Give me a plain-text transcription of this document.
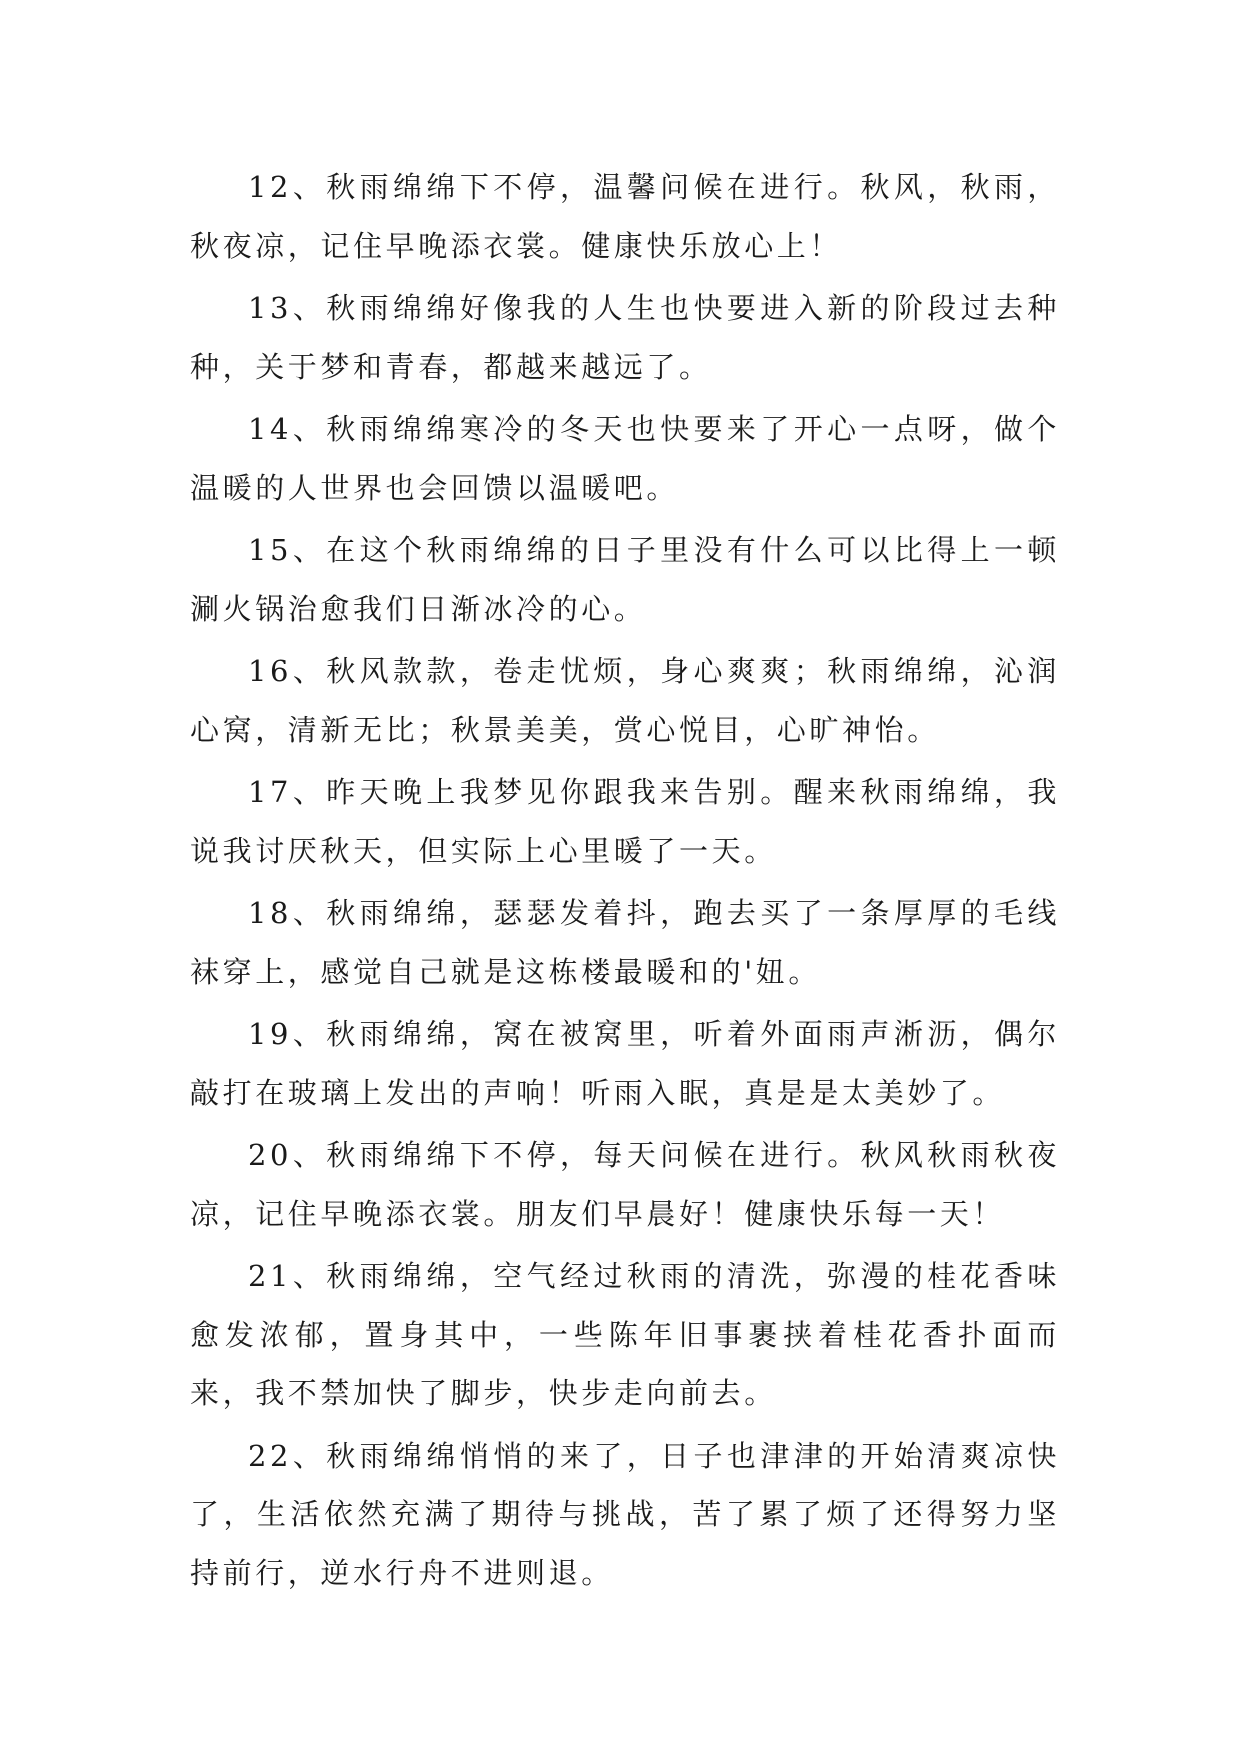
12、秋雨绵绵下不停，温馨问候在进行。秋风，秋雨，秋夜凉，记住早晚添衣裳。健康快乐放心上！

13、秋雨绵绵好像我的人生也快要进入新的阶段过去种种，关于梦和青春，都越来越远了。

14、秋雨绵绵寒冷的冬天也快要来了开心一点呀，做个温暖的人世界也会回馈以温暖吧。

15、在这个秋雨绵绵的日子里没有什么可以比得上一顿涮火锅治愈我们日渐冰冷的心。

16、秋风款款，卷走忧烦，身心爽爽；秋雨绵绵，沁润心窝，清新无比；秋景美美，赏心悦目，心旷神怡。

17、昨天晚上我梦见你跟我来告别。醒来秋雨绵绵，我说我讨厌秋天，但实际上心里暖了一天。

18、秋雨绵绵，瑟瑟发着抖，跑去买了一条厚厚的毛线袜穿上，感觉自己就是这栋楼最暖和的'妞。

19、秋雨绵绵，窝在被窝里，听着外面雨声淅沥，偶尔敲打在玻璃上发出的声响！听雨入眠，真是是太美妙了。

20、秋雨绵绵下不停，每天问候在进行。秋风秋雨秋夜凉，记住早晚添衣裳。朋友们早晨好！健康快乐每一天！

21、秋雨绵绵，空气经过秋雨的清洗，弥漫的桂花香味愈发浓郁，置身其中，一些陈年旧事裹挟着桂花香扑面而来，我不禁加快了脚步，快步走向前去。

22、秋雨绵绵悄悄的来了，日子也津津的开始清爽凉快了，生活依然充满了期待与挑战，苦了累了烦了还得努力坚持前行，逆水行舟不进则退。
